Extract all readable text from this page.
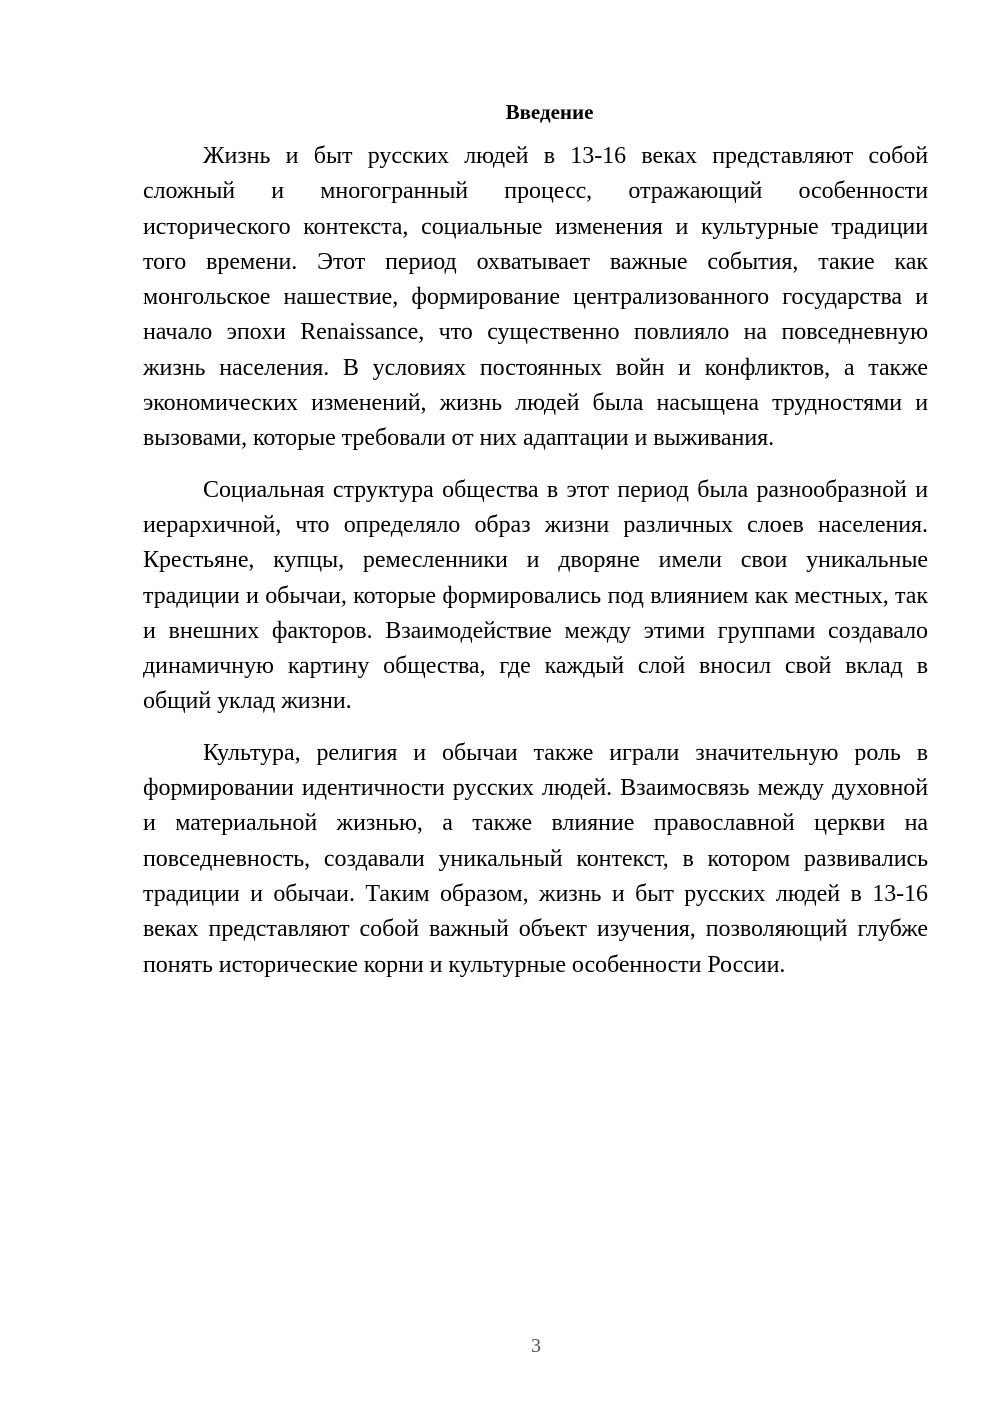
Введение

Жизнь и быт русских людей в 13-16 веках представляют собой сложный и многогранный процесс, отражающий особенности исторического контекста, социальные изменения и культурные традиции того времени. Этот период охватывает важные события, такие как монгольское нашествие, формирование централизованного государства и начало эпохи Renaissance, что существенно повлияло на повседневную жизнь населения. В условиях постоянных войн и конфликтов, а также экономических изменений, жизнь людей была насыщена трудностями и вызовами, которые требовали от них адаптации и выживания.

Социальная структура общества в этот период была разнообразной и иерархичной, что определяло образ жизни различных слоев населения. Крестьяне, купцы, ремесленники и дворяне имели свои уникальные традиции и обычаи, которые формировались под влиянием как местных, так и внешних факторов. Взаимодействие между этими группами создавало динамичную картину общества, где каждый слой вносил свой вклад в общий уклад жизни.

Культура, религия и обычаи также играли значительную роль в формировании идентичности русских людей. Взаимосвязь между духовной и материальной жизнью, а также влияние православной церкви на повседневность, создавали уникальный контекст, в котором развивались традиции и обычаи. Таким образом, жизнь и быт русских людей в 13-16 веках представляют собой важный объект изучения, позволяющий глубже понять исторические корни и культурные особенности России.

3
